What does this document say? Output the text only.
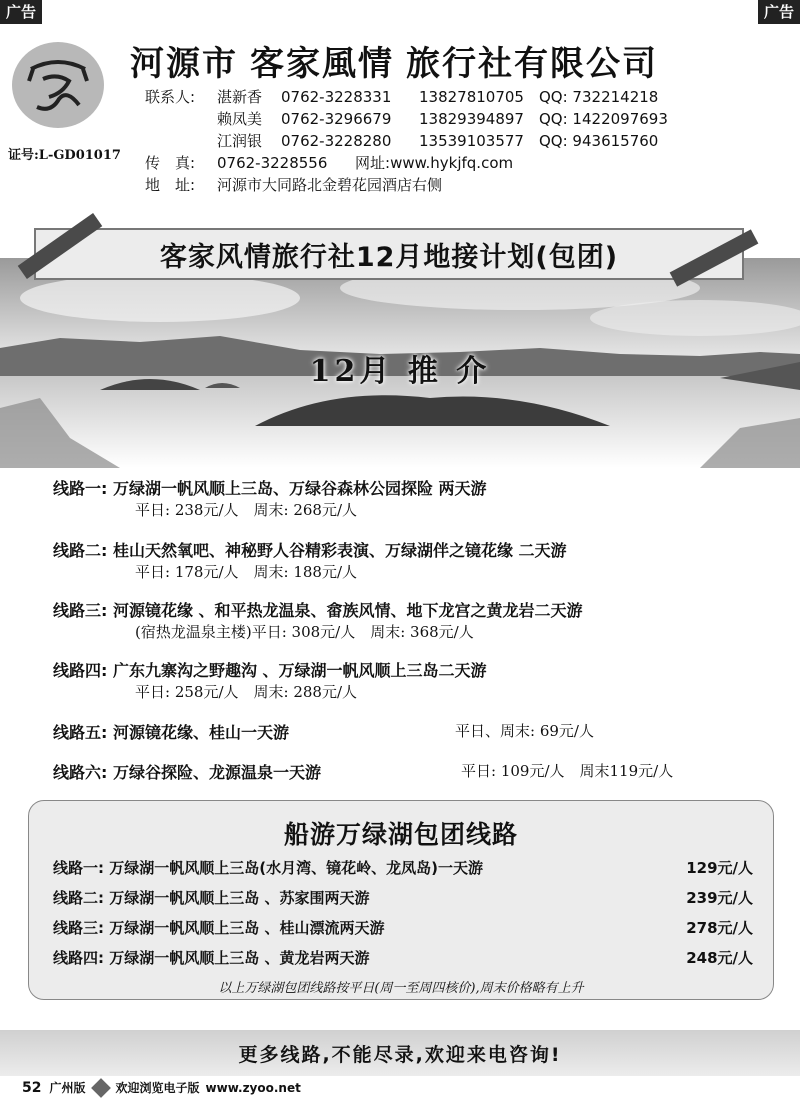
广告	广告
证号:L-GD01017
河源市 客家風情 旅行社有限公司
联系人:	湛新香	0762-3228331	13827810705	QQ: 732214218
赖凤美	0762-3296679	13829394897	QQ: 1422097693
江润银	0762-3228280	13539103577	QQ: 943615760
传　真:	0762-3228556	网址: www.hykjfq.com
地　址:	河源市大同路北金碧花园酒店右侧
客家风情旅行社12月地接计划(包团)
12月 推 介
线路一: 万绿湖一帆风顺上三岛、万绿谷森林公园探险 两天游
平日: 238元/人　周末: 268元/人
线路二: 桂山天然氧吧、神秘野人谷精彩表演、万绿湖伴之镜花缘 二天游
平日: 178元/人　周末: 188元/人
线路三: 河源镜花缘 、和平热龙温泉、畲族风情、地下龙宫之黄龙岩二天游
(宿热龙温泉主楼)平日: 308元/人　周末: 368元/人
线路四: 广东九寨沟之野趣沟 、万绿湖一帆风顺上三岛二天游
平日: 258元/人　周末: 288元/人
线路五: 河源镜花缘、桂山一天游	平日、周末: 69元/人
线路六: 万绿谷探险、龙源温泉一天游	平日: 109元/人　周末119元/人
船游万绿湖包团线路
线路一: 万绿湖一帆风顺上三岛(水月湾、镜花岭、龙凤岛)一天游	129元/人
线路二: 万绿湖一帆风顺上三岛 、苏家围两天游	239元/人
线路三: 万绿湖一帆风顺上三岛 、桂山漂流两天游	278元/人
线路四: 万绿湖一帆风顺上三岛 、黄龙岩两天游	248元/人
以上万绿湖包团线路按平日(周一至周四核价),周末价格略有上升
更多线路,不能尽录,欢迎来电咨询!
52 广州版	欢迎浏览电子版 www.zyoo.net
